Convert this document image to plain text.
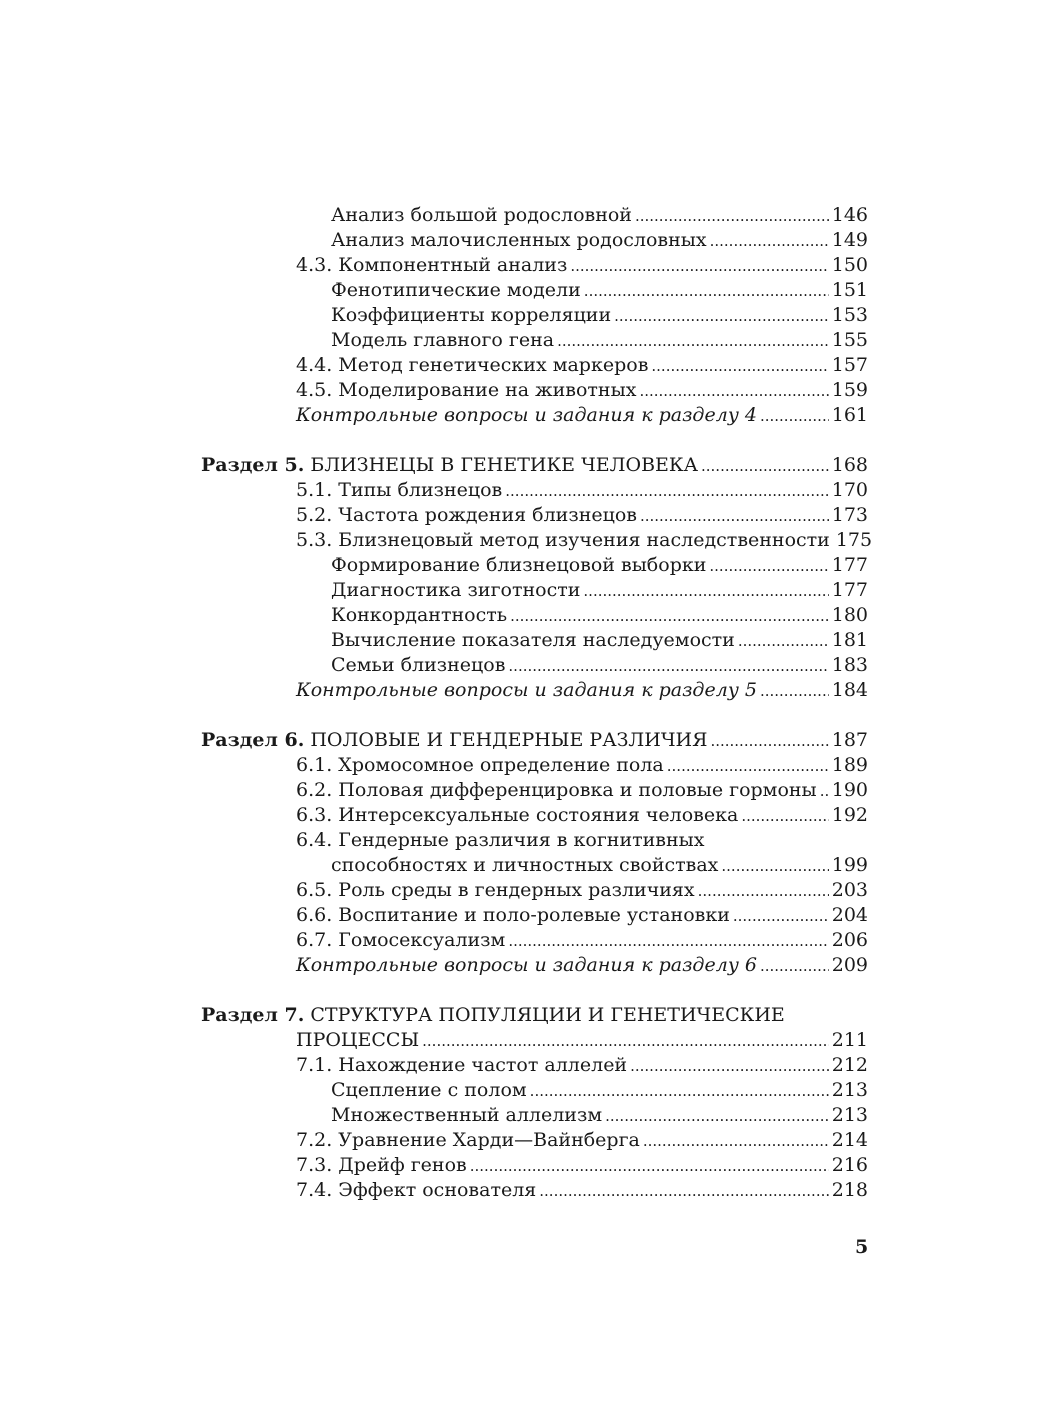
Анализ большой родословной .....	146
Анализ малочисленных родословных .....	149
4.3. Компонентный анализ .....	150
Фенотипические модели .....	151
Коэффициенты корреляции .....	153
Модель главного гена .....	155
4.4. Метод генетических маркеров .....	157
4.5. Моделирование на животных .....	159
Контрольные вопросы и задания к разделу 4 .....	161
Раздел 5. БЛИЗНЕЦЫ В ГЕНЕТИКЕ ЧЕЛОВЕКА .....	168
5.1. Типы близнецов .....	170
5.2. Частота рождения близнецов .....	173
5.3. Близнецовый метод изучения наследственности 175
Формирование близнецовой выборки .....	177
Диагностика зиготности .....	177
Конкордантность .....	180
Вычисление показателя наследуемости .....	181
Семьи близнецов .....	183
Контрольные вопросы и задания к разделу 5 .....	184
Раздел 6. ПОЛОВЫЕ И ГЕНДЕРНЫЕ РАЗЛИЧИЯ .....	187
6.1. Хромосомное определение пола .....	189
6.2. Половая дифференцировка и половые гормоны ..... 190
6.3. Интерсексуальные состояния человека .....	192
6.4. Гендерные различия в когнитивных
способностях и личностных свойствах .....	199
6.5. Роль среды в гендерных различиях .....	203
6.6. Воспитание и поло-ролевые установки .....	204
6.7. Гомосексуализм .....	206
Контрольные вопросы и задания к разделу 6 .....	209
Раздел 7. СТРУКТУРА ПОПУЛЯЦИИ И ГЕНЕТИЧЕСКИЕ
ПРОЦЕССЫ .....	211
7.1. Нахождение частот аллелей .....	212
Сцепление с полом .....	213
Множественный аллелизм .....	213
7.2. Уравнение Харди—Вайнберга .....	214
7.3. Дрейф генов .....	216
7.4. Эффект основателя .....	218
5
